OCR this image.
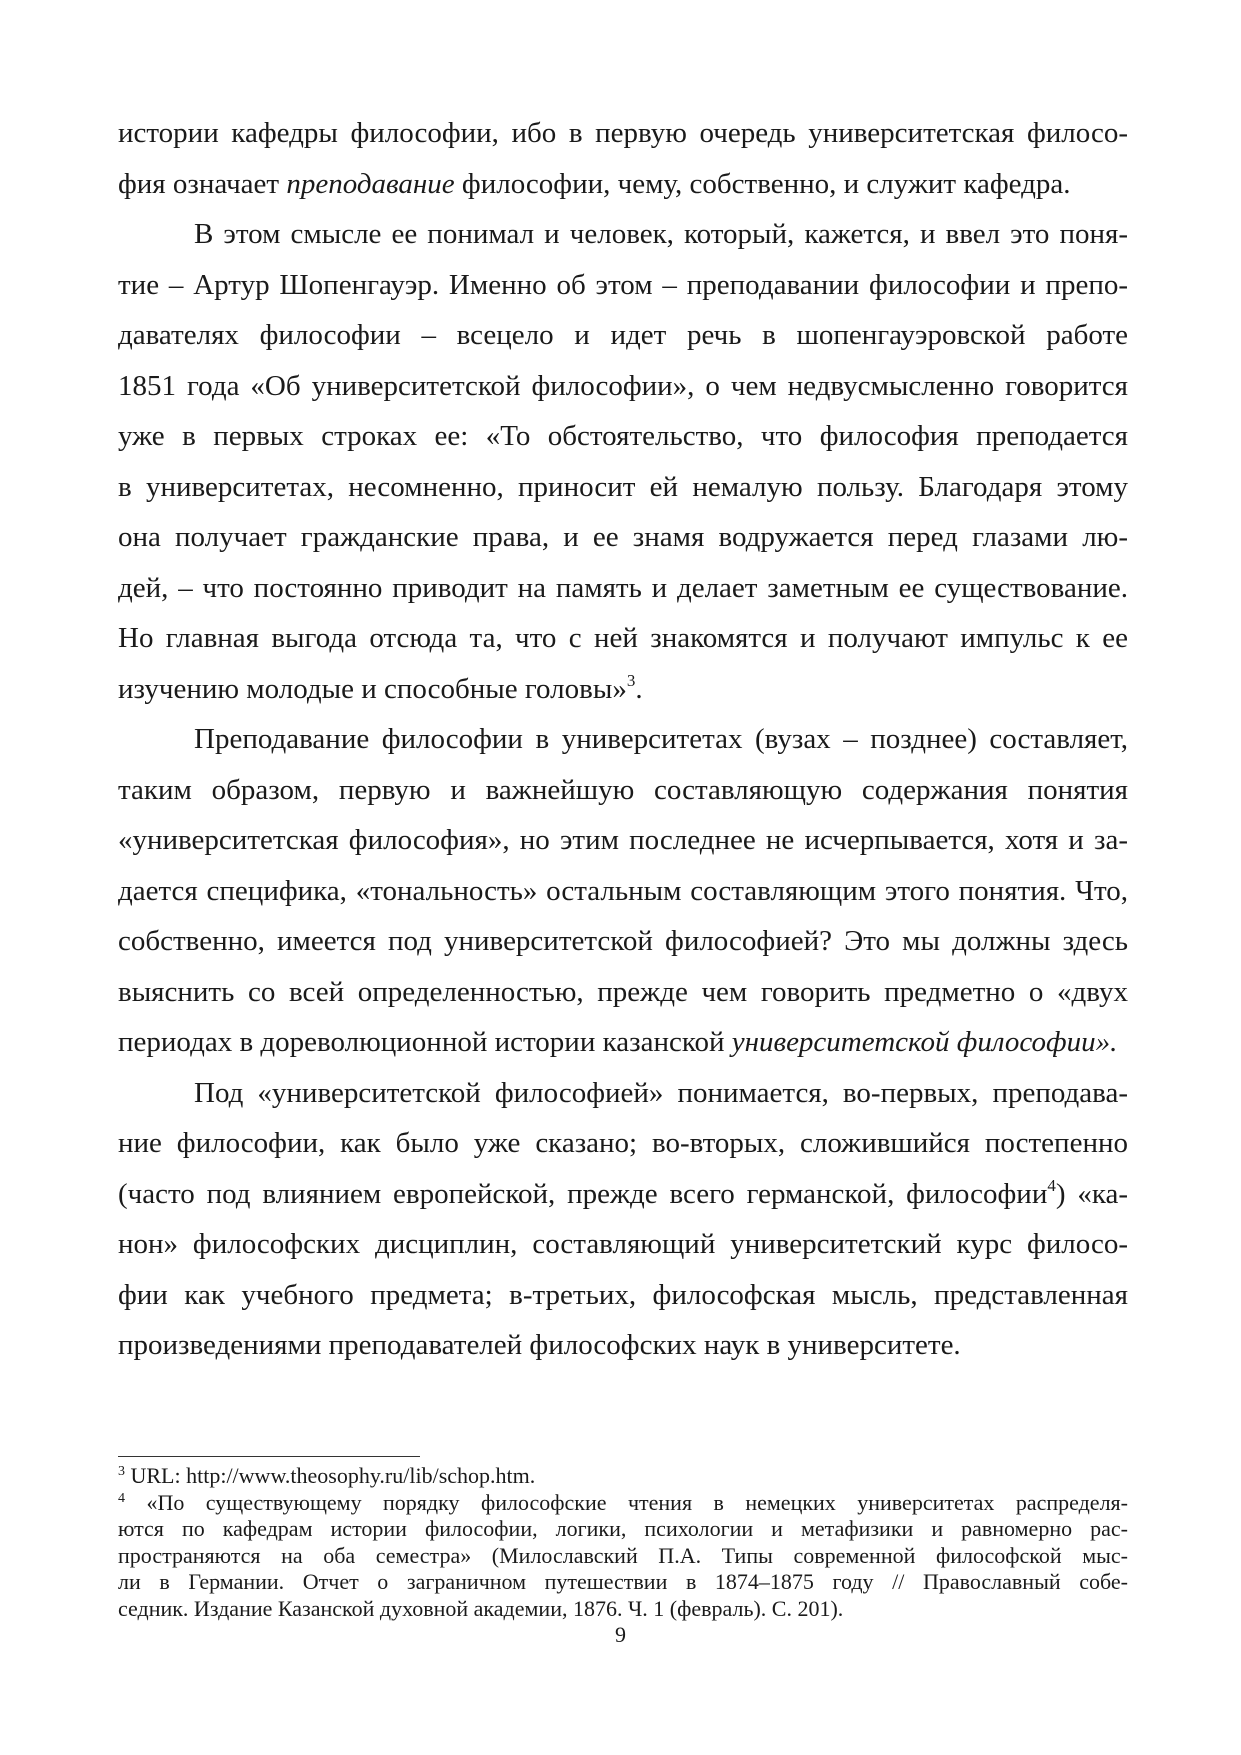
истории кафедры философии, ибо в первую очередь университетская филосо-
фия означает преподавание философии, чему, собственно, и служит кафедра.

В этом смысле ее понимал и человек, который, кажется, и ввел это поня-
тие – Артур Шопенгауэр. Именно об этом – преподавании философии и препо-
давателях философии – всецело и идет речь в шопенгауэровской работе
1851 года «Об университетской философии», о чем недвусмысленно говорится
уже в первых строках ее: «То обстоятельство, что философия преподается
в университетах, несомненно, приносит ей немалую пользу. Благодаря этому
она получает гражданские права, и ее знамя водружается перед глазами лю-
дей, – что постоянно приводит на память и делает заметным ее существование.
Но главная выгода отсюда та, что с ней знакомятся и получают импульс к ее
изучению молодые и способные головы»$^3$.

Преподавание философии в университетах (вузах – позднее) составляет,
таким образом, первую и важнейшую составляющую содержания понятия
«университетская философия», но этим последнее не исчерпывается, хотя и за-
дается специфика, «тональность» остальным составляющим этого понятия. Что,
собственно, имеется под университетской философией? Это мы должны здесь
выяснить со всей определенностью, прежде чем говорить предметно о «двух
периодах в дореволюционной истории казанской университетской философии».

Под «университетской философией» понимается, во-первых, преподава-
ние философии, как было уже сказано; во-вторых, сложившийся постепенно
(часто под влиянием европейской, прежде всего германской, философии$^4$) «ка-
нон» философских дисциплин, составляющий университетский курс филосо-
фии как учебного предмета; в-третьих, философская мысль, представленная
произведениями преподавателей философских наук в университете.

$^3$ URL: http://www.theosophy.ru/lib/schop.htm.

$^4$ «По существующему порядку философские чтения в немецких университетах распределя-
ются по кафедрам истории философии, логики, психологии и метафизики и равномерно рас-
пространяются на оба семестра» (Милославский П.А. Типы современной философской мыс-
ли в Германии. Отчет о заграничном путешествии в 1874–1875 году // Православный собе-
седник. Издание Казанской духовной академии, 1876. Ч. 1 (февраль). С. 201).

9
